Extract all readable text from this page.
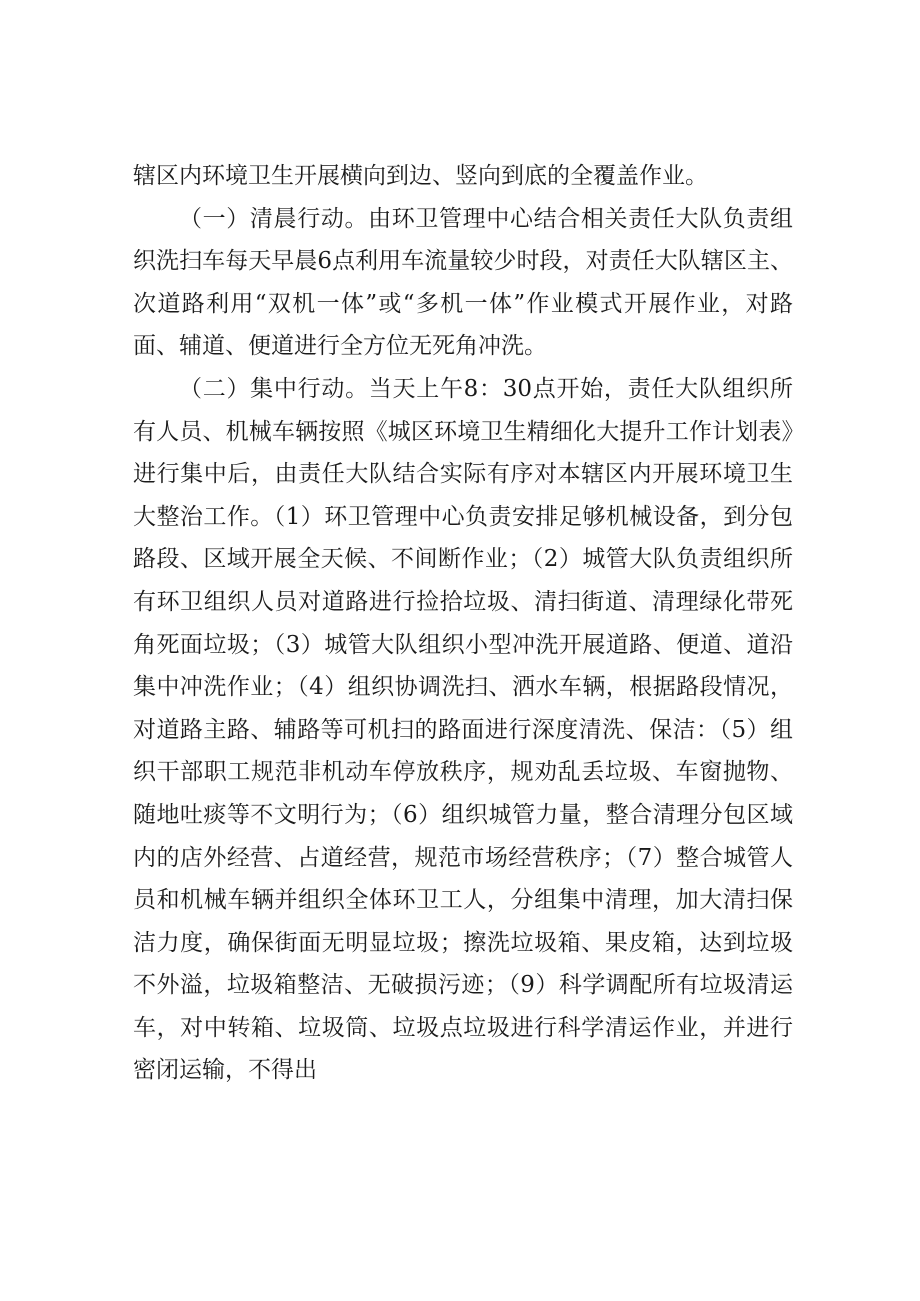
辖区内环境卫生开展横向到边、竖向到底的全覆盖作业。

（一）清晨行动。由环卫管理中心结合相关责任大队负责组织洗扫车每天早晨6点利用车流量较少时段，对责任大队辖区主、次道路利用“双机一体”或“多机一体”作业模式开展作业，对路面、辅道、便道进行全方位无死角冲洗。

（二）集中行动。当天上午8：30点开始，责任大队组织所有人员、机械车辆按照《城区环境卫生精细化大提升工作计划表》进行集中后，由责任大队结合实际有序对本辖区内开展环境卫生大整治工作。（1）环卫管理中心负责安排足够机械设备，到分包路段、区域开展全天候、不间断作业；（2）城管大队负责组织所有环卫组织人员对道路进行捡拾垃圾、清扫街道、清理绿化带死角死面垃圾；（3）城管大队组织小型冲洗开展道路、便道、道沿集中冲洗作业；（4）组织协调洗扫、洒水车辆，根据路段情况，对道路主路、辅路等可机扫的路面进行深度清洗、保洁：（5）组织干部职工规范非机动车停放秩序，规劝乱丢垃圾、车窗抛物、随地吐痰等不文明行为；（6）组织城管力量，整合清理分包区域内的店外经营、占道经营，规范市场经营秩序；（7）整合城管人员和机械车辆并组织全体环卫工人，分组集中清理，加大清扫保洁力度，确保街面无明显垃圾；擦洗垃圾箱、果皮箱，达到垃圾不外溢，垃圾箱整洁、无破损污迹；（9）科学调配所有垃圾清运车，对中转箱、垃圾筒、垃圾点垃圾进行科学清运作业，并进行密闭运输，不得出
